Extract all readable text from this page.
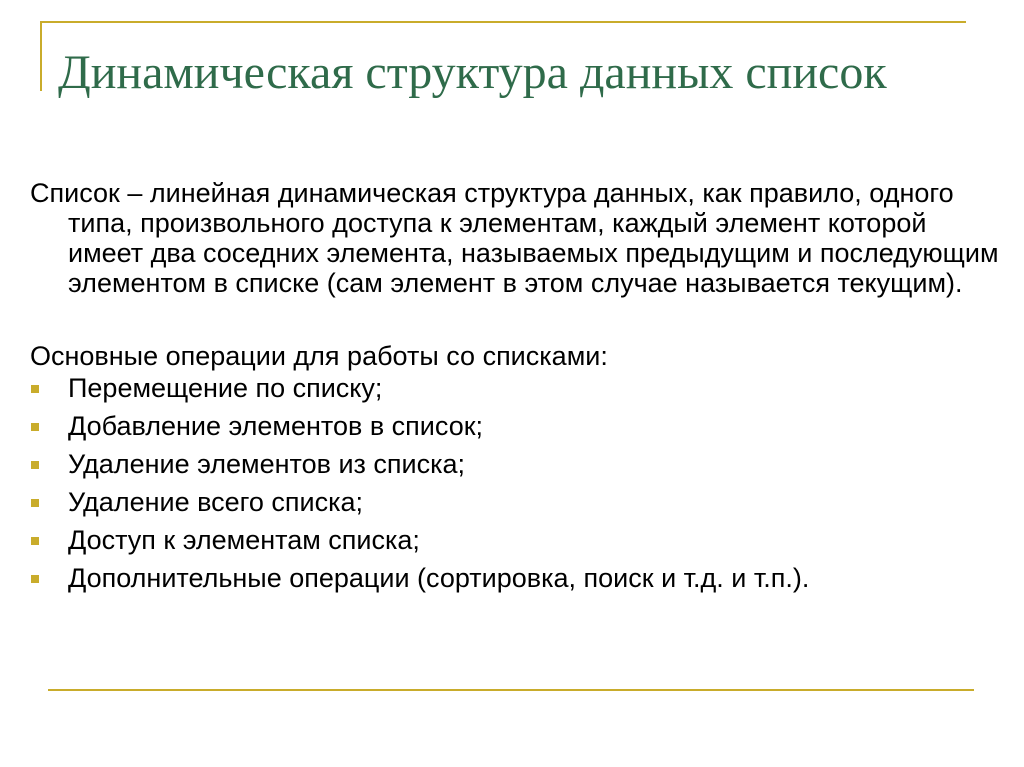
Динамическая структура данных список

Список – линейная динамическая структура данных, как правило, одного типа, произвольного доступа к элементам, каждый элемент которой имеет два соседних элемента, называемых предыдущим и последующим элементом в списке (сам элемент в этом случае называется текущим).

Основные операции для работы со списками:

Перемещение по списку;
Добавление элементов в список;
Удаление элементов из списка;
Удаление всего списка;
Доступ к элементам списка;
Дополнительные операции (сортировка, поиск и т.д. и т.п.).
